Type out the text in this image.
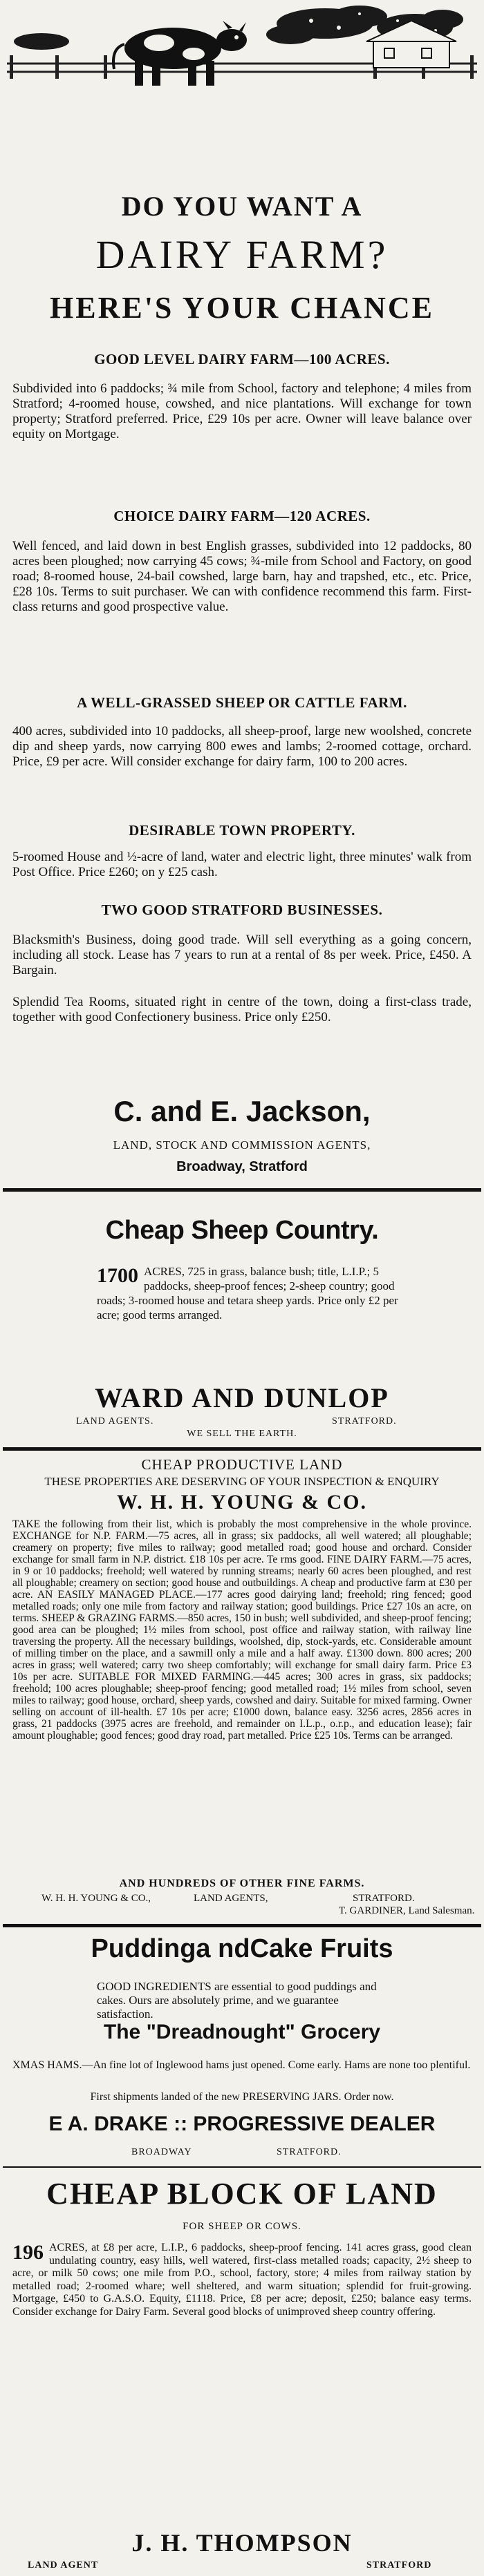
DO YOU WANT A
DAIRY FARM?
HERE'S YOUR CHANCE
GOOD LEVEL DAIRY FARM—100 ACRES.
Subdivided into 6 paddocks; ¾ mile from School, factory and telephone; 4 miles from Stratford; 4-roomed house, cowshed, and nice plantations. Will exchange for town property; Stratford preferred. Price, £29 10s per acre. Owner will leave balance over equity on Mortgage.
CHOICE DAIRY FARM—120 ACRES.
Well fenced, and laid down in best English grasses, subdivided into 12 paddocks, 80 acres been ploughed; now carrying 45 cows; ¾-mile from School and Factory, on good road; 8-roomed house, 24-bail cowshed, large barn, hay and trapshed, etc., etc. Price, £28 10s. Terms to suit purchaser. We can with confidence recommend this farm. First-class returns and good prospective value.
A WELL-GRASSED SHEEP OR CATTLE FARM.
400 acres, subdivided into 10 paddocks, all sheep-proof, large new woolshed, concrete dip and sheep yards, now carrying 800 ewes and lambs; 2-roomed cottage, orchard. Price, £9 per acre. Will consider exchange for dairy farm, 100 to 200 acres.
DESIRABLE TOWN PROPERTY.
5-roomed House and ½-acre of land, water and electric light, three minutes' walk from Post Office. Price £260; on y £25 cash.
TWO GOOD STRATFORD BUSINESSES.
Blacksmith's Business, doing good trade. Will sell everything as a going concern, including all stock. Lease has 7 years to run at a rental of 8s per week. Price, £450. A Bargain.
Splendid Tea Rooms, situated right in centre of the town, doing a first-class trade, together with good Confectionery business. Price only £250.
C. and E. Jackson,
LAND, STOCK AND COMMISSION AGENTS,
Broadway, Stratford
Cheap Sheep Country.
1700 ACRES, 725 in grass, balance bush; title, L.I.P.; 5 paddocks, sheep-proof fences; 2-sheep country; good roads; 3-roomed house and tetara sheep yards. Price only £2 per acre; good terms arranged.
WARD AND DUNLOP
LAND AGENTS.	STRATFORD.
WE SELL THE EARTH.
CHEAP PRODUCTIVE LAND
THESE PROPERTIES ARE DESERVING OF YOUR INSPECTION & ENQUIRY
W. H. H. YOUNG & CO.
TAKE the following from their list, which is probably the most comprehensive in the whole province. EXCHANGE for N.P. FARM.—75 acres, all in grass; six paddocks, all well watered; all ploughable; creamery on property; five miles to railway; good metalled road; good house and orchard. Consider exchange for small farm in N.P. district. £18 10s per acre. Te rms good. FINE DAIRY FARM.—75 acres, in 9 or 10 paddocks; freehold; well watered by running streams; nearly 60 acres been ploughed, and rest all ploughable; creamery on section; good house and outbuildings. A cheap and productive farm at £30 per acre. AN EASILY MANAGED PLACE.—177 acres good dairying land; freehold; ring fenced; good metalled roads; only one mile from factory and railway station; good buildings. Price £27 10s an acre, on terms. SHEEP & GRAZING FARMS.—850 acres, 150 in bush; well subdivided, and sheep-proof fencing; good area can be ploughed; 1½ miles from school, post office and railway station, with railway line traversing the property. All the necessary buildings, woolshed, dip, stock-yards, etc. Considerable amount of milling timber on the place, and a sawmill only a mile and a half away. £1300 down. 800 acres; 200 acres in grass; well watered; carry two sheep comfortably; will exchange for small dairy farm. Price £3 10s per acre. SUITABLE FOR MIXED FARMING.—445 acres; 300 acres in grass, six paddocks; freehold; 100 acres ploughable; sheep-proof fencing; good metalled road; 1½ miles from school, seven miles to railway; good house, orchard, sheep yards, cowshed and dairy. Suitable for mixed farming. Owner selling on account of ill-health. £7 10s per acre; £1000 down, balance easy. 3256 acres, 2856 acres in grass, 21 paddocks (3975 acres are freehold, and remainder on I.L.p., o.r.p., and education lease); fair amount ploughable; good fences; good dray road, part metalled. Price £25 10s. Terms can be arranged.
AND HUNDREDS OF OTHER FINE FARMS.
W. H. H. YOUNG & CO.,	LAND AGENTS,	STRATFORD.
T. GARDINER, Land Salesman.
Puddinga ndCake Fruits
GOOD INGREDIENTS are essential to good puddings and cakes. Ours are absolutely prime, and we guarantee satisfaction.
The "Dreadnought" Grocery
XMAS HAMS.—An fine lot of Inglewood hams just opened. Come early. Hams are none too plentiful.
First shipments landed of the new PRESERVING JARS. Order now.
E A. DRAKE :: PROGRESSIVE DEALER
BROADWAY	STRATFORD.
CHEAP BLOCK OF LAND
FOR SHEEP OR COWS.
196 ACRES, at £8 per acre, L.I.P., 6 paddocks, sheep-proof fencing. 141 acres grass, good clean undulating country, easy hills, well watered, first-class metalled roads; capacity, 2½ sheep to acre, or milk 50 cows; one mile from P.O., school, factory, store; 4 miles from railway station by metalled road; 2-roomed whare; well sheltered, and warm situation; splendid for fruit-growing. Mortgage, £450 to G.A.S.O. Equity, £1118. Price, £8 per acre; deposit, £250; balance easy terms. Consider exchange for Dairy Farm. Several good blocks of unimproved sheep country offering.
J. H. THOMPSON
LAND AGENT	STRATFORD
